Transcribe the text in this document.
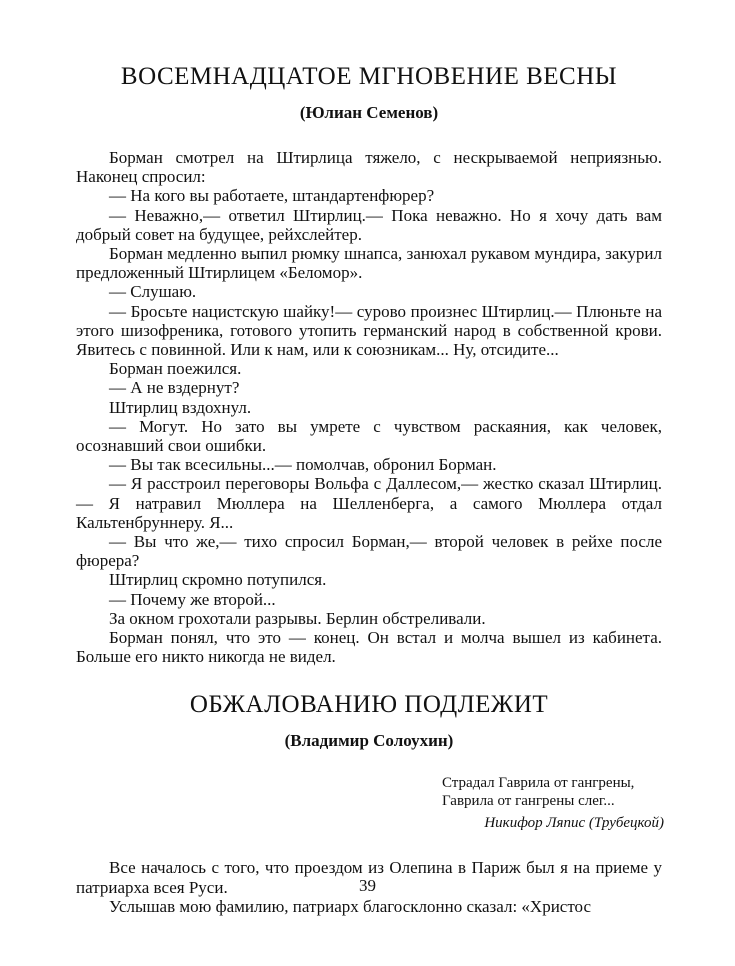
ВОСЕМНАДЦАТОЕ МГНОВЕНИЕ ВЕСНЫ
(Юлиан Семенов)

Борман смотрел на Штирлица тяжело, с нескрываемой неприязнью. Наконец спросил:

— На кого вы работаете, штандартенфюрер?

— Неважно,— ответил Штирлиц.— Пока неважно. Но я хочу дать вам добрый совет на будущее, рейхслейтер.

Борман медленно выпил рюмку шнапса, занюхал рукавом мундира, закурил предложенный Штирлицем «Беломор».

— Слушаю.

— Бросьте нацистскую шайку!— сурово произнес Штирлиц.— Плюньте на этого шизофреника, готового утопить германский народ в собственной крови. Явитесь с повинной. Или к нам, или к союзникам... Ну, отсидите...

Борман поежился.

— А не вздернут?

Штирлиц вздохнул.

— Могут. Но зато вы умрете с чувством раскаяния, как человек, осознавший свои ошибки.

— Вы так всесильны...— помолчав, обронил Борман.

— Я расстроил переговоры Вольфа с Даллесом,— жестко сказал Штирлиц.— Я натравил Мюллера на Шелленберга, а самого Мюллера отдал Кальтенбруннеру. Я...

— Вы что же,— тихо спросил Борман,— второй человек в рейхе после фюрера?

Штирлиц скромно потупился.

— Почему же второй...

За окном грохотали разрывы. Берлин обстреливали.

Борман понял, что это — конец. Он встал и молча вышел из кабинета. Больше его никто никогда не видел.

ОБЖАЛОВАНИЮ ПОДЛЕЖИТ
(Владимир Солоухин)
Страдал Гаврила от гангрены,
Гаврила от гангрены слег...
Никифор Ляпис (Трубецкой)

Все началось с того, что проездом из Олепина в Париж был я на приеме у патриарха всея Руси.

Услышав мою фамилию, патриарх благосклонно сказал: «Христос

39
